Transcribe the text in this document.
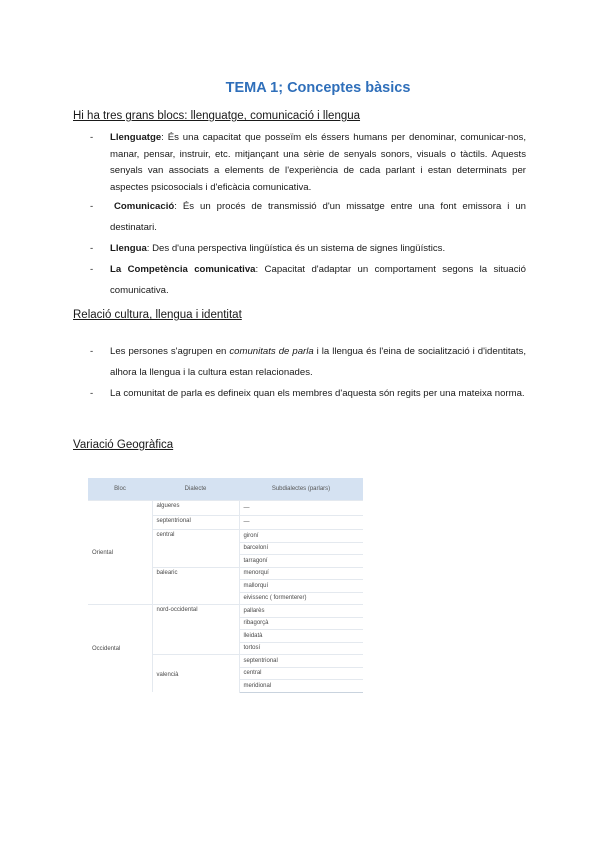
TEMA 1; Conceptes bàsics
Hi ha tres grans blocs: llenguatge, comunicació i llengua
- Llenguatge: És una capacitat que posseïm els éssers humans per denominar, comunicar-nos, manar, pensar, instruir, etc. mitjançant una sèrie de senyals sonors, visuals o tàctils. Aquests senyals van associats a elements de l'experiència de cada parlant i estan determinats per aspectes psicosocials i d'eficàcia comunicativa.
- Comunicació: És un procés de transmissió d'un missatge entre una font emissora i un destinatari.
- Llengua: Des d'una perspectiva lingüística és un sistema de signes lingüístics.
- La Competència comunicativa: Capacitat d'adaptar un comportament segons la situació comunicativa.
Relació cultura, llengua i identitat
- Les persones s'agrupen en comunitats de parla i la llengua és l'eina de socialització i d'identitats, alhora la llengua i la cultura estan relacionades.
- La comunitat de parla es defineix quan els membres d'aquesta són regits per una mateixa norma.
Variació Geogràfica
Bloc	Dialecte	Subdialectes (parlars)
Oriental	algueres	—
	septentrional	—
	central	gironí
		barceloní
		tarragoní
	balearic	menorquí
		mallorquí
		eivissenc ( formenterer)
Occidental	nord-occidental	pallarès
		ribagorçà
		lleidatà
		tortosí
	valencià	septentrional
		central
		meridional
